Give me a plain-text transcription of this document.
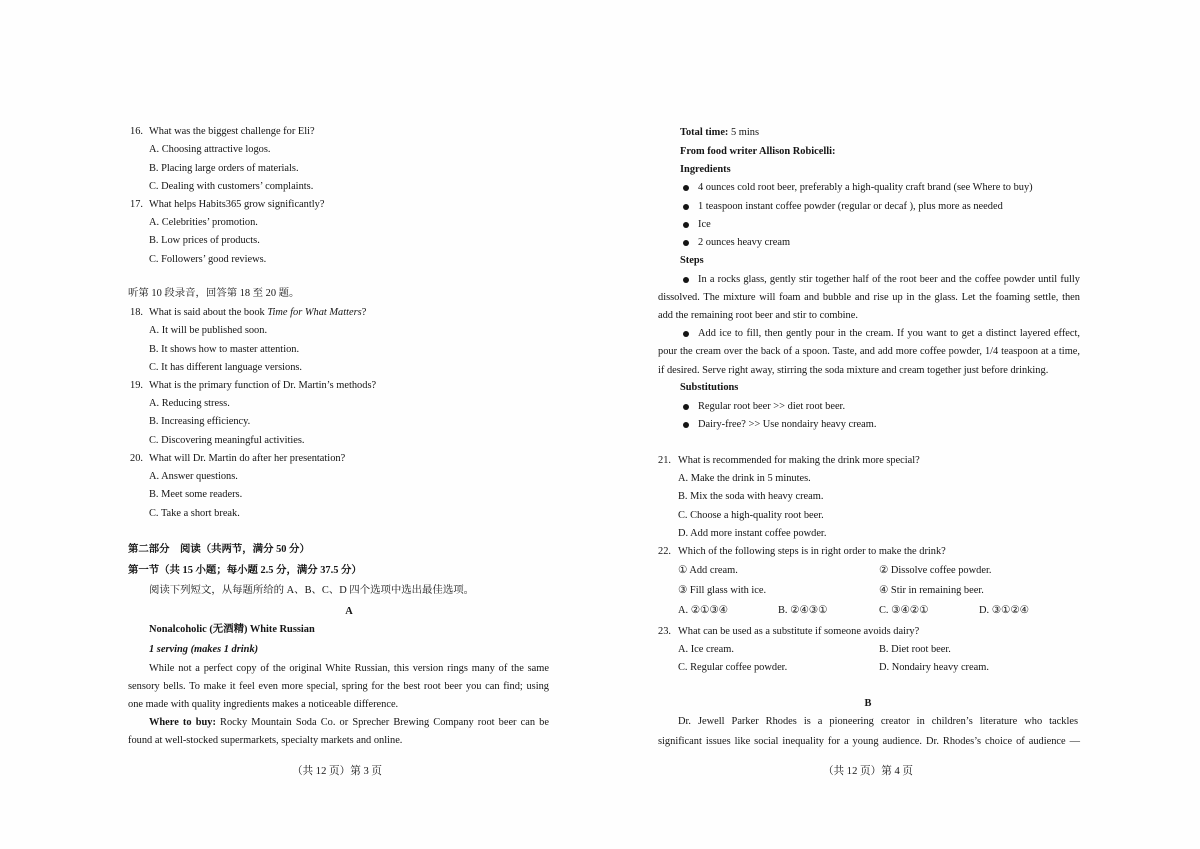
16. What was the biggest challenge for Eli?
A. Choosing attractive logos.
B. Placing large orders of materials.
C. Dealing with customers’ complaints.
17. What helps Habits365 grow significantly?
A. Celebrities’ promotion.
B. Low prices of products.
C. Followers’ good reviews.
听第 10 段录音，回答第 18 至 20 题。
18. What is said about the book Time for What Matters?
A. It will be published soon.
B. It shows how to master attention.
C. It has different language versions.
19. What is the primary function of Dr. Martin’s methods?
A. Reducing stress.
B. Increasing efficiency.
C. Discovering meaningful activities.
20. What will Dr. Martin do after her presentation?
A. Answer questions.
B. Meet some readers.
C. Take a short break.
第二部分　阅读（共两节，满分 50 分）
第一节（共 15 小题；每小题 2.5 分，满分 37.5 分）
阅读下列短文，从每题所给的 A、B、C、D 四个选项中选出最佳选项。
A
Nonalcoholic (无酒精) White Russian
1 serving (makes 1 drink)
While not a perfect copy of the original White Russian, this version rings many of the same
sensory bells. To make it feel even more special, spring for the best root beer you can find; using
one made with quality ingredients makes a noticeable difference.
Where to buy: Rocky Mountain Soda Co. or Sprecher Brewing Company root beer can be
found at well-stocked supermarkets, specialty markets and online.
（共 12 页）第 3 页
Total time: 5 mins
From food writer Allison Robicelli:
Ingredients
4 ounces cold root beer, preferably a high-quality craft brand (see Where to buy)
1 teaspoon instant coffee powder (regular or decaf ), plus more as needed
Ice
2 ounces heavy cream
Steps
In a rocks glass, gently stir together half of the root beer and the coffee powder until fully
dissolved. The mixture will foam and bubble and rise up in the glass. Let the foaming settle, then
add the remaining root beer and stir to combine.
Add ice to fill, then gently pour in the cream. If you want to get a distinct layered effect,
pour the cream over the back of a spoon. Taste, and add more coffee powder, 1/4 teaspoon at a time,
if desired. Serve right away, stirring the soda mixture and cream together just before drinking.
Substitutions
Regular root beer >> diet root beer.
Dairy-free? >> Use nondairy heavy cream.
21. What is recommended for making the drink more special?
A. Make the drink in 5 minutes.
B. Mix the soda with heavy cream.
C. Choose a high-quality root beer.
D. Add more instant coffee powder.
22. Which of the following steps is in right order to make the drink?
① Add cream.	② Dissolve coffee powder.
③ Fill glass with ice.	④ Stir in remaining beer.
A. ②①③④	B. ②④③①	C. ③④②①	D. ③①②④
23. What can be used as a substitute if someone avoids dairy?
A. Ice cream.	B. Diet root beer.
C. Regular coffee powder.	D. Nondairy heavy cream.
B
Dr. Jewell Parker Rhodes is a pioneering creator in children’s literature who tackles
significant issues like social inequality for a young audience. Dr. Rhodes’s choice of audience —
（共 12 页）第 4 页
